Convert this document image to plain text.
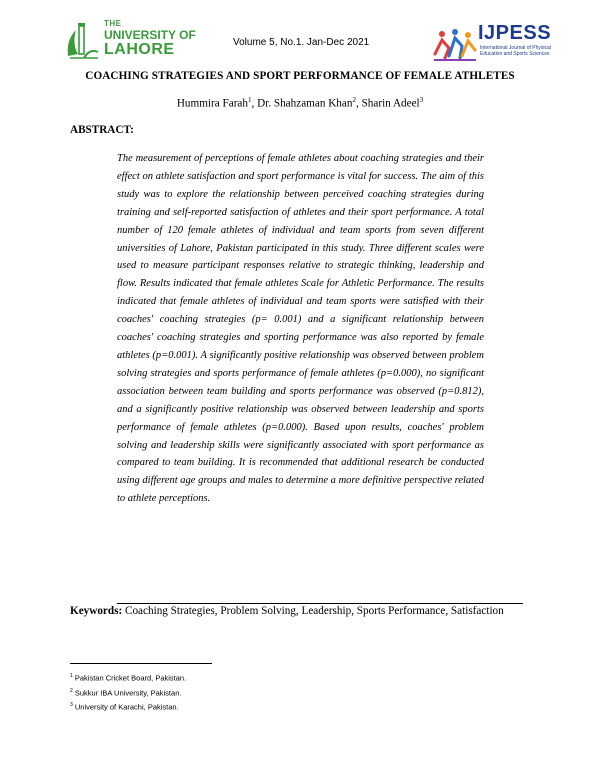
THE
UNIVERSITY OF
LAHORE	Volume 5, No.1. Jan-Dec 2021	IJPESS
International Journal of Physical Education and Sports Sciences
COACHING STRATEGIES AND SPORT PERFORMANCE OF FEMALE ATHLETES
Hummira Farah$^1$, Dr. Shahzaman Khan$^2$, Sharin Adeel$^3$
ABSTRACT:
The measurement of perceptions of female athletes about coaching strategies and their effect on athlete satisfaction and sport performance is vital for success. The aim of this study was to explore the relationship between perceived coaching strategies during training and self-reported satisfaction of athletes and their sport performance. A total number of 120 female athletes of individual and team sports from seven different universities of Lahore, Pakistan participated in this study. Three different scales were used to measure participant responses relative to strategic thinking, leadership and flow. Results indicated that female athletes Scale for Athletic Performance. The results indicated that female athletes of individual and team sports were satisfied with their coaches' coaching strategies (p= 0.001) and a significant relationship between coaches' coaching strategies and sporting performance was also reported by female athletes (p=0.001). A significantly positive relationship was observed between problem solving strategies and sports performance of female athletes (p=0.000), no significant association between team building and sports performance was observed (p=0.812), and a significantly positive relationship was observed between leadership and sports performance of female athletes (p=0.000). Based upon results, coaches' problem solving and leadership skills were significantly associated with sport performance as compared to team building. It is recommended that additional research be conducted using different age groups and males to determine a more definitive perspective related to athlete perceptions.
Keywords: Coaching Strategies, Problem Solving, Leadership, Sports Performance, Satisfaction
$^1$ Pakistan Cricket Board, Pakistan.
$^2$ Sukkur IBA University, Pakistan.
$^3$ University of Karachi, Pakistan.
